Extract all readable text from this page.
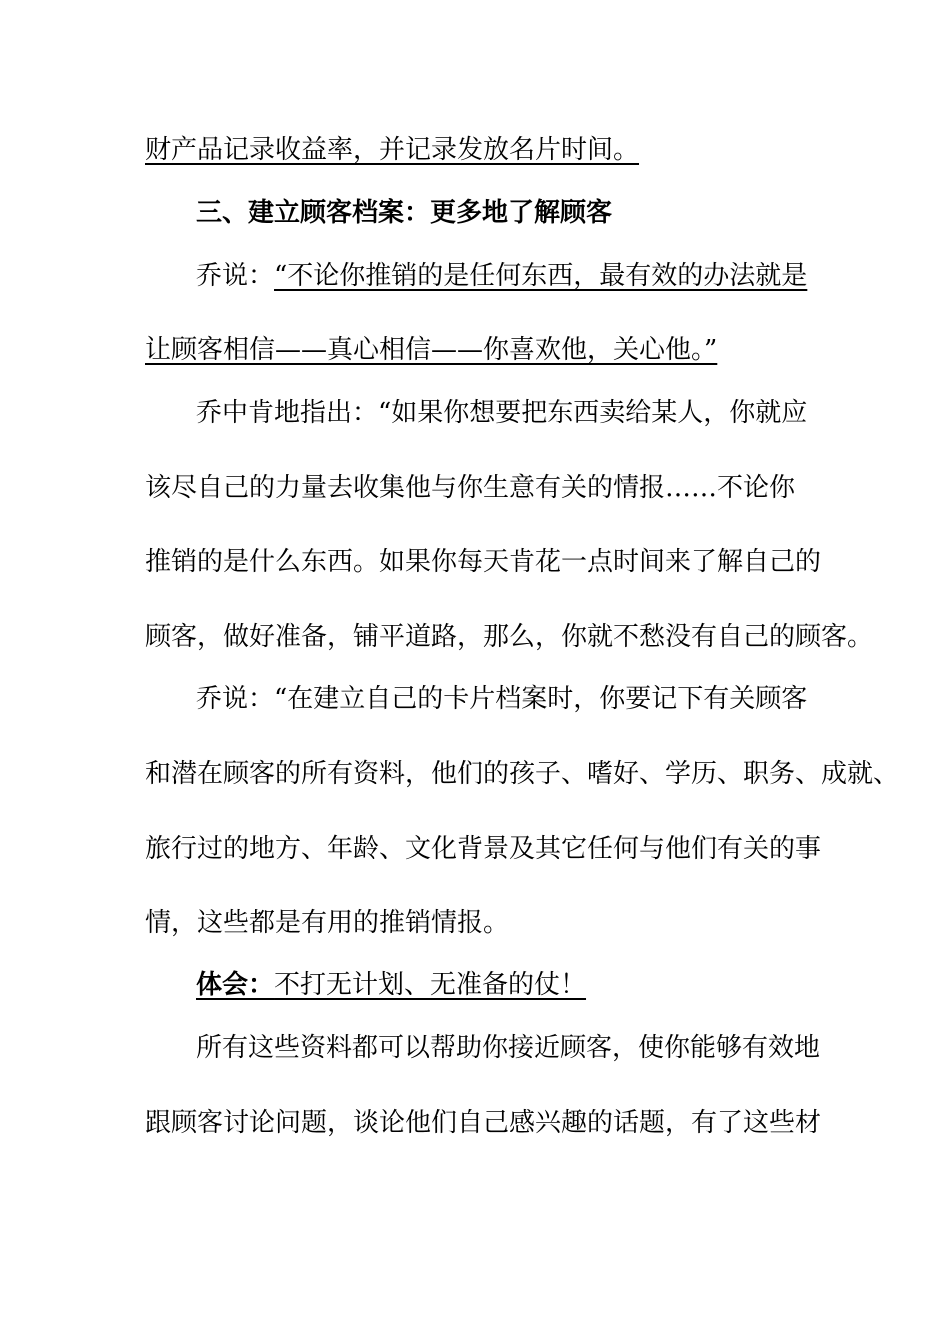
财产品记录收益率，并记录发放名片时间。
三、建立顾客档案：更多地了解顾客
乔说：“不论你推销的是任何东西，最有效的办法就是
让顾客相信——真心相信——你喜欢他，关心他。”
乔中肯地指出：“如果你想要把东西卖给某人，你就应
该尽自己的力量去收集他与你生意有关的情报……不论你
推销的是什么东西。如果你每天肯花一点时间来了解自己的
顾客，做好准备，铺平道路，那么，你就不愁没有自己的顾客。
乔说：“在建立自己的卡片档案时，你要记下有关顾客
和潜在顾客的所有资料，他们的孩子、嗜好、学历、职务、成就、
旅行过的地方、年龄、文化背景及其它任何与他们有关的事
情，这些都是有用的推销情报。
体会：不打无计划、无准备的仗！
所有这些资料都可以帮助你接近顾客，使你能够有效地
跟顾客讨论问题，谈论他们自己感兴趣的话题，有了这些材
